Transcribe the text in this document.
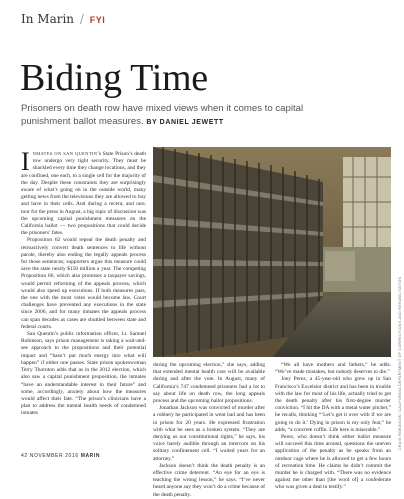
In Marin / FYI
Biding Time
Prisoners on death row have mixed views when it comes to capital punishment ballot measures. BY DANIEL JEWETT
CRAIG ROBINSON; CALIFORNIA DEPARTMENT OF CORRECTIONS AND REHABILITATION

INMATES ON SAN QUENTIN’s State Prison’s death row undergo very tight security. They must be shackled every time they change locations, and they are confined, one each, to a single cell for the majority of the day. Despite these constraints they are surprisingly aware of what’s going on in the outside world, many getting news from the televisions they are allowed to buy and have in their cells. And during a recent, and rare, tour for the press in August, a big topic of discussion was the upcoming capital punishment measures on the California ballot — two propositions that could decide the prisoners’ fates.

Proposition 62 would repeal the death penalty and retroactively convert death sentences to life without parole, thereby also ending the legally appeals process for those sentences; supporters argue this measure could save the state nearly $150 million a year. The competing Proposition 66, which also promises a taxpayer savings, would permit reforming of the appeals process, which would also speed up executions. If both measures pass, the one with the most votes would become law. Court challenges have prevented any executions in the state since 2006, and for many inmates the appeals process can span decades as cases are shuttled between state and federal courts.

San Quentin’s public information officer, Lt. Samuel Robinson, says prison management is taking a wait-and-see approach to the propositions and their potential impact and “hasn’t put much energy into what will happen” if either one passes. State prison spokeswoman Terry Thornton adds that as in the 2012 election, which also saw a capital punishment proposition, the inmates “have an understandable interest in their future” and some, accordingly, anxiety about how the measures would affect their fate. “The prison’s clinicians have a plan to address the mental health needs of condemned inmates

during the upcoming election,” she says, adding that extended mental health care will be available during and after the vote. In August, many of California’s 747 condemned prisoners had a lot to say about life on death row, the long appeals process and the upcoming ballot propositions.

Jonathan Jackson was convicted of murder after a robbery he participated in went bad and has been in prison for 20 years. He expressed frustration with what he sees as a broken system. “They are denying us our constitutional rights,” he says, his voice barely audible through an intercom on his solitary confinement cell. “I waited years for an attorney.”

Jackson doesn’t think the death penalty is an effective crime deterrent. “An eye for an eye is teaching the wrong lesson,” he says. “I’ve never heard anyone say they won’t do a crime because of the death penalty.

“We all have mothers and fathers,” he adds. “We’ve made mistakes, but nobody deserves to die.”

Joey Perez, a 45-year-old who grew up in San Francisco’s Excelsior district and has been in trouble with the law for most of his life, actually tried to get the death penalty after his first-degree murder conviction. “I hit the DA with a metal water pitcher,” he recalls, thinking “‘Let’s get it over with if we are going to do it.’ Dying in prison is my only fear,” he adds, “a concrete coffin. Life here is miserable.”

Perez, who doesn’t think either ballot measure will succeed this time around, questions the uneven application of the penalty as he speaks from an outdoor cage where he is allowed to get a few hours of recreation time. He claims he didn’t commit the murder he is charged with. “There was no evidence against me other than [the word of] a confederate who was given a deal to testify.”

42 NOVEMBER 2016 MARIN
